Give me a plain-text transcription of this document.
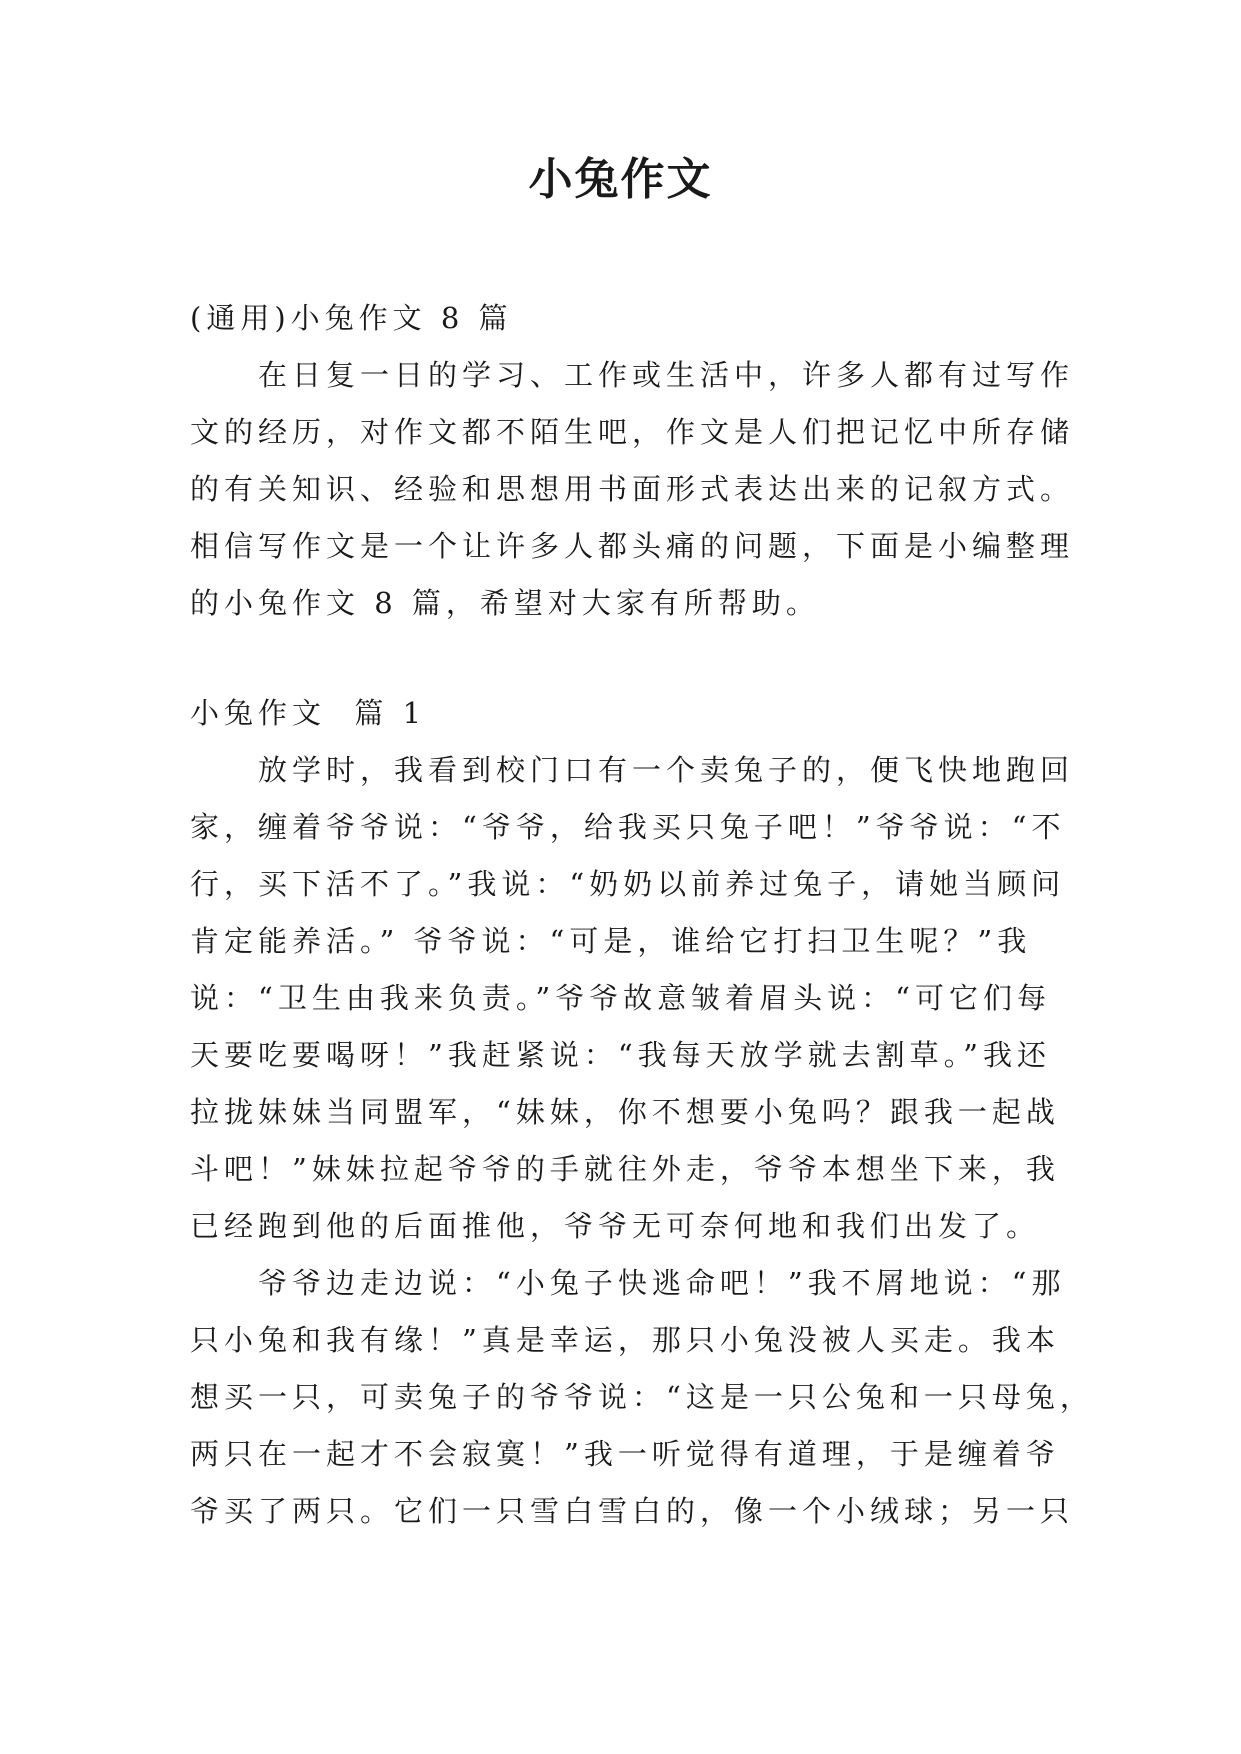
小兔作文
(通用)小兔作文 8 篇
在日复一日的学习、工作或生活中，许多人都有过写作
文的经历，对作文都不陌生吧，作文是人们把记忆中所存储
的有关知识、经验和思想用书面形式表达出来的记叙方式。
相信写作文是一个让许多人都头痛的问题，下面是小编整理
的小兔作文 8 篇，希望对大家有所帮助。
小兔作文  篇 1
放学时，我看到校门口有一个卖兔子的，便飞快地跑回
家，缠着爷爷说：“爷爷，给我买只兔子吧！”爷爷说：“不
行，买下活不了。”我说：“奶奶以前养过兔子，请她当顾问
肯定能养活。” 爷爷说：“可是，谁给它打扫卫生呢？”我
说：“卫生由我来负责。”爷爷故意皱着眉头说：“可它们每
天要吃要喝呀！”我赶紧说：“我每天放学就去割草。”我还
拉拢妹妹当同盟军，“妹妹，你不想要小兔吗？跟我一起战
斗吧！”妹妹拉起爷爷的手就往外走，爷爷本想坐下来，我
已经跑到他的后面推他，爷爷无可奈何地和我们出发了。
爷爷边走边说：“小兔子快逃命吧！”我不屑地说：“那
只小兔和我有缘！”真是幸运，那只小兔没被人买走。我本
想买一只，可卖兔子的爷爷说：“这是一只公兔和一只母兔，
两只在一起才不会寂寞！”我一听觉得有道理，于是缠着爷
爷买了两只。它们一只雪白雪白的，像一个小绒球；另一只
